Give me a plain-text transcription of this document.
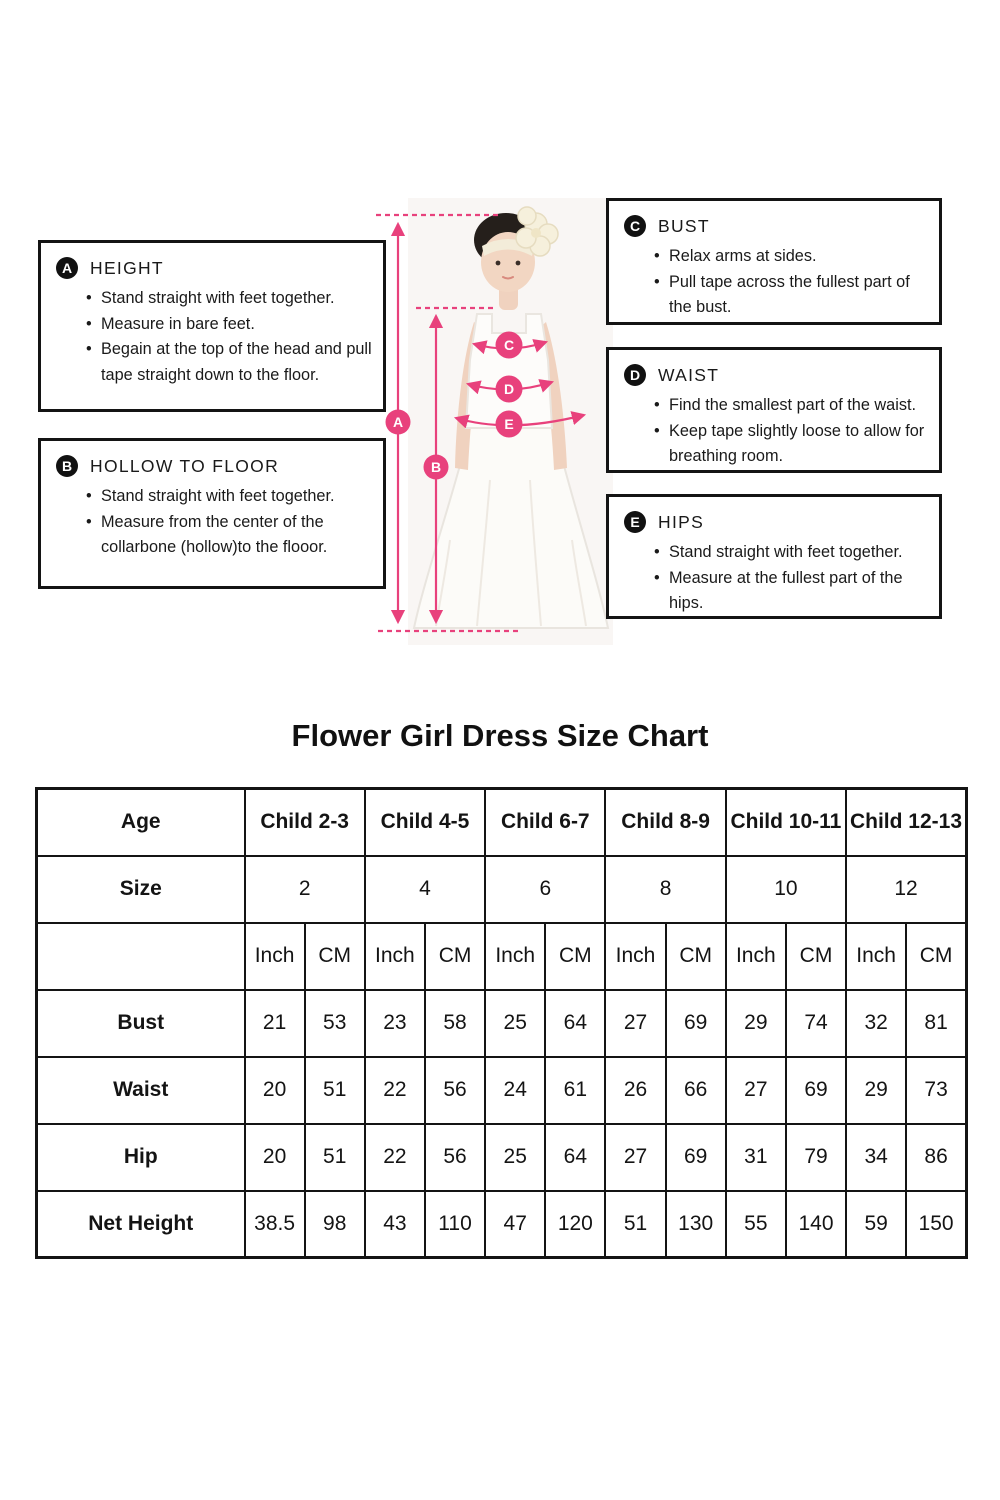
A
B
C
D
E
A	HEIGHT
• Stand straight with feet together.
• Measure in bare feet.
• Begain at the top of the head and pull tape straight down to the floor.
B	HOLLOW TO FLOOR
• Stand straight with feet together.
• Measure from the center of the collarbone (hollow)to the flooor.
C	BUST
• Relax arms at sides.
• Pull tape across the fullest part of the bust.
D	WAIST
• Find the smallest part of the waist.
• Keep tape slightly loose to allow for breathing room.
E	HIPS
• Stand straight with feet together.
• Measure at the fullest part of the hips.
Flower Girl Dress Size Chart
Age	Child 2-3		Child 4-5		Child 6-7		Child 8-9		Child 10-11		Child 12-13	
Size	2		4		6		8		10		12	
	Inch	CM	Inch	CM	Inch	CM	Inch	CM	Inch	CM	Inch	CM
Bust	21	53	23	58	25	64	27	69	29	74	32	81
Waist	20	51	22	56	24	61	26	66	27	69	29	73
Hip	20	51	22	56	25	64	27	69	31	79	34	86
Net Height	38.5	98	43	110	47	120	51	130	55	140	59	150
